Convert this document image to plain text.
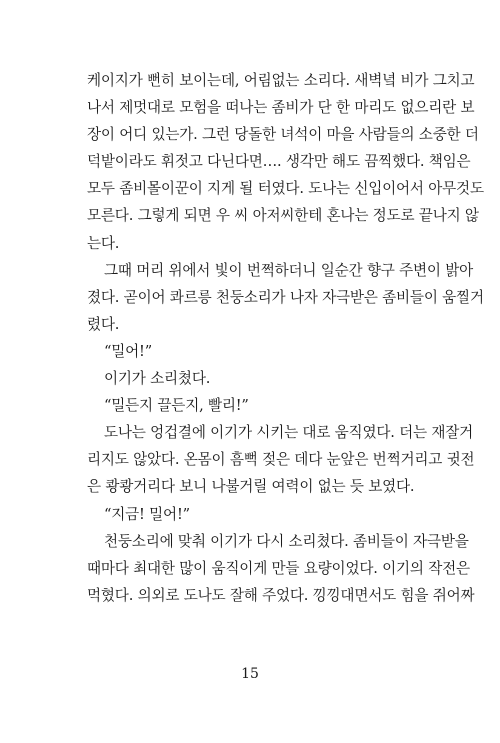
케이지가 뻔히 보이는데, 어림없는 소리다. 새벽녘 비가 그치고
나서 제멋대로 모험을 떠나는 좀비가 단 한 마리도 없으리란 보
장이 어디 있는가. 그런 당돌한 녀석이 마을 사람들의 소중한 더
덕밭이라도 휘젓고 다닌다면…. 생각만 해도 끔찍했다. 책임은
모두 좀비몰이꾼이 지게 될 터였다. 도나는 신입이어서 아무것도
모른다. 그렇게 되면 우 씨 아저씨한테 혼나는 정도로 끝나지 않
는다.
그때 머리 위에서 빛이 번쩍하더니 일순간 향구 주변이 밝아
졌다. 곧이어 콰르릉 천둥소리가 나자 자극받은 좀비들이 움찔거
렸다.
“밀어!”
이기가 소리쳤다.
“밀든지 끌든지, 빨리!”
도나는 엉겁결에 이기가 시키는 대로 움직였다. 더는 재잘거
리지도 않았다. 온몸이 흠뻑 젖은 데다 눈앞은 번쩍거리고 귓전
은 쾅쾅거리다 보니 나불거릴 여력이 없는 듯 보였다.
“지금! 밀어!”
천둥소리에 맞춰 이기가 다시 소리쳤다. 좀비들이 자극받을
때마다 최대한 많이 움직이게 만들 요량이었다. 이기의 작전은
먹혔다. 의외로 도나도 잘해 주었다. 낑낑대면서도 힘을 쥐어짜
15
